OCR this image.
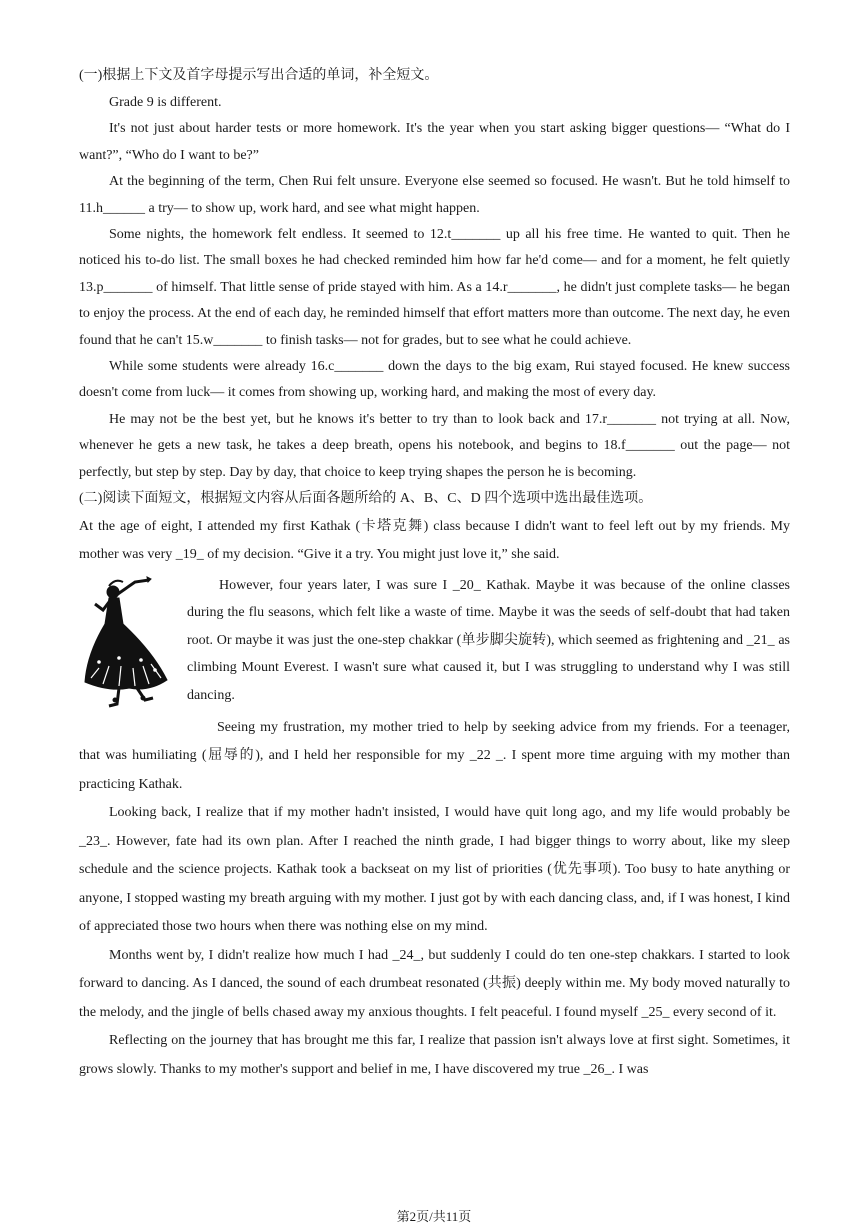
(一)根据上下文及首字母提示写出合适的单词，补全短文。

Grade 9 is different.

It's not just about harder tests or more homework. It's the year when you start asking bigger questions— “What do I want?”, “Who do I want to be?”

At the beginning of the term, Chen Rui felt unsure. Everyone else seemed so focused. He wasn't. But he told himself to 11.h______ a try— to show up, work hard, and see what might happen.

Some nights, the homework felt endless. It seemed to 12.t_______ up all his free time. He wanted to quit. Then he noticed his to-do list. The small boxes he had checked reminded him how far he'd come— and for a moment, he felt quietly 13.p_______ of himself. That little sense of pride stayed with him. As a 14.r_______, he didn't just complete tasks— he began to enjoy the process. At the end of each day, he reminded himself that effort matters more than outcome. The next day, he even found that he can't 15.w_______ to finish tasks— not for grades, but to see what he could achieve.

While some students were already 16.c_______ down the days to the big exam, Rui stayed focused. He knew success doesn't come from luck— it comes from showing up, working hard, and making the most of every day.

He may not be the best yet, but he knows it's better to try than to look back and 17.r_______ not trying at all. Now, whenever he gets a new task, he takes a deep breath, opens his notebook, and begins to 18.f_______ out the page— not perfectly, but step by step. Day by day, that choice to keep trying shapes the person he is becoming.

(二)阅读下面短文，根据短文内容从后面各题所给的 A、B、C、D 四个选项中选出最佳选项。

At the age of eight, I attended my first Kathak (卡塔克舞) class because I didn't want to feel left out by my friends. My mother was very _19_ of my decision. “Give it a try. You might just love it,” she said.

However, four years later, I was sure I _20_ Kathak. Maybe it was because of the online classes during the flu seasons, which felt like a waste of time. Maybe it was the seeds of self-doubt that had taken root. Or maybe it was just the one-step chakkar (单步脚尖旋转), which seemed as frightening and _21_ as climbing Mount Everest. I wasn't sure what caused it, but I was struggling to understand why I was still dancing.

Seeing my frustration, my mother tried to help by seeking advice from my friends. For a teenager, that was humiliating (屈辱的), and I held her responsible for my _22 _. I spent more time arguing with my mother than practicing Kathak.

Looking back, I realize that if my mother hadn't insisted, I would have quit long ago, and my life would probably be _23_. However, fate had its own plan. After I reached the ninth grade, I had bigger things to worry about, like my sleep schedule and the science projects. Kathak took a backseat on my list of priorities (优先事项). Too busy to hate anything or anyone, I stopped wasting my breath arguing with my mother. I just got by with each dancing class, and, if I was honest, I kind of appreciated those two hours when there was nothing else on my mind.

Months went by, I didn't realize how much I had _24_, but suddenly I could do ten one-step chakkars. I started to look forward to dancing. As I danced, the sound of each drumbeat resonated (共振) deeply within me. My body moved naturally to the melody, and the jingle of bells chased away my anxious thoughts. I felt peaceful. I found myself _25_ every second of it.

Reflecting on the journey that has brought me this far, I realize that passion isn't always love at first sight. Sometimes, it grows slowly. Thanks to my mother's support and belief in me, I have discovered my true _26_. I was

第2页/共11页
